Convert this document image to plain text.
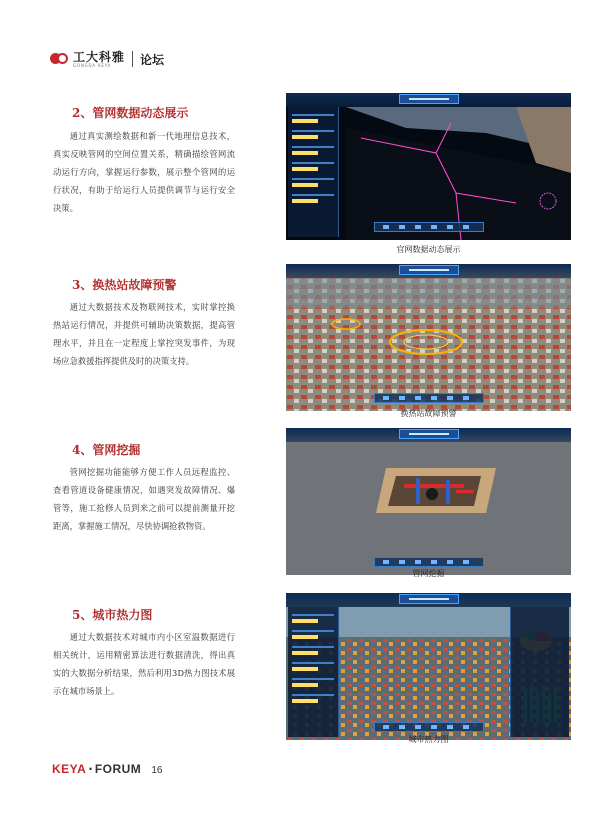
工大科雅
GONGDA KEYA	论坛
2、管网数据动态展示

通过真实测绘数据和新一代地理信息技术，真实反映管网的空间位置关系，精确描绘管网流动运行方向，掌握运行参数，展示整个管网的运行状况，有助于给运行人员提供调节与运行安全决策。

官网数据动态展示
3、换热站故障预警

通过大数据技术及物联网技术，实时掌控换热站运行情况，并提供可辅助决策数据，提高管理水平，并且在一定程度上掌控突发事件，为现场应急救援指挥提供及时的决策支持。

换热站故障预警
4、管网挖掘

管网挖掘功能能够方便工作人员远程监控、查看管道设备健康情况，如遇突发故障情况、爆管等，施工抢修人员到来之前可以提前测量开挖距离，掌握施工情况，尽快协调抢救物资。

管网挖掘
5、城市热力图

通过大数据技术对城市内小区室温数据进行相关统计，运用精密算法进行数据清洗，得出真实的大数据分析结果，然后利用3D热力图技术展示在城市场景上。

城市热力图
KEYA · FORUM 16
